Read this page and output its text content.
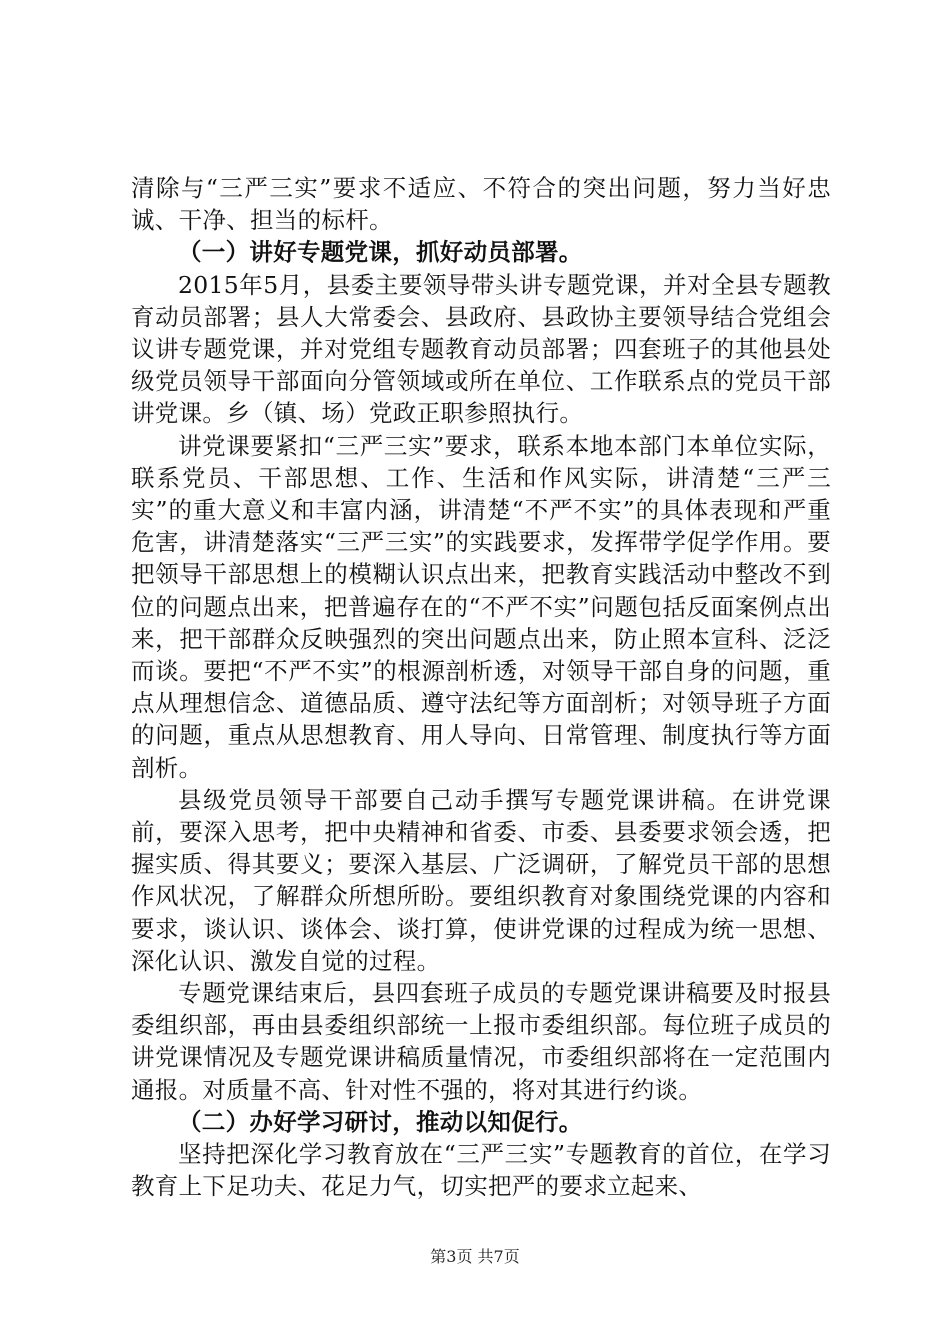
清除与“三严三实”要求不适应、不符合的突出问题，努力当好忠诚、干净、担当的标杆。

（一）讲好专题党课，抓好动员部署。

2015年5月，县委主要领导带头讲专题党课，并对全县专题教育动员部署；县人大常委会、县政府、县政协主要领导结合党组会议讲专题党课，并对党组专题教育动员部署；四套班子的其他县处级党员领导干部面向分管领域或所在单位、工作联系点的党员干部讲党课。乡（镇、场）党政正职参照执行。

讲党课要紧扣“三严三实”要求，联系本地本部门本单位实际，联系党员、干部思想、工作、生活和作风实际，讲清楚“三严三实”的重大意义和丰富内涵，讲清楚“不严不实”的具体表现和严重危害，讲清楚落实“三严三实”的实践要求，发挥带学促学作用。要把领导干部思想上的模糊认识点出来，把教育实践活动中整改不到位的问题点出来，把普遍存在的“不严不实”问题包括反面案例点出来，把干部群众反映强烈的突出问题点出来，防止照本宣科、泛泛而谈。要把“不严不实”的根源剖析透，对领导干部自身的问题，重点从理想信念、道德品质、遵守法纪等方面剖析；对领导班子方面的问题，重点从思想教育、用人导向、日常管理、制度执行等方面剖析。

县级党员领导干部要自己动手撰写专题党课讲稿。在讲党课前，要深入思考，把中央精神和省委、市委、县委要求领会透，把握实质、得其要义；要深入基层、广泛调研，了解党员干部的思想作风状况，了解群众所想所盼。要组织教育对象围绕党课的内容和要求，谈认识、谈体会、谈打算，使讲党课的过程成为统一思想、深化认识、激发自觉的过程。

专题党课结束后，县四套班子成员的专题党课讲稿要及时报县委组织部，再由县委组织部统一上报市委组织部。每位班子成员的讲党课情况及专题党课讲稿质量情况，市委组织部将在一定范围内通报。对质量不高、针对性不强的，将对其进行约谈。

（二）办好学习研讨，推动以知促行。

坚持把深化学习教育放在“三严三实”专题教育的首位，在学习教育上下足功夫、花足力气，切实把严的要求立起来、

第3页 共7页
